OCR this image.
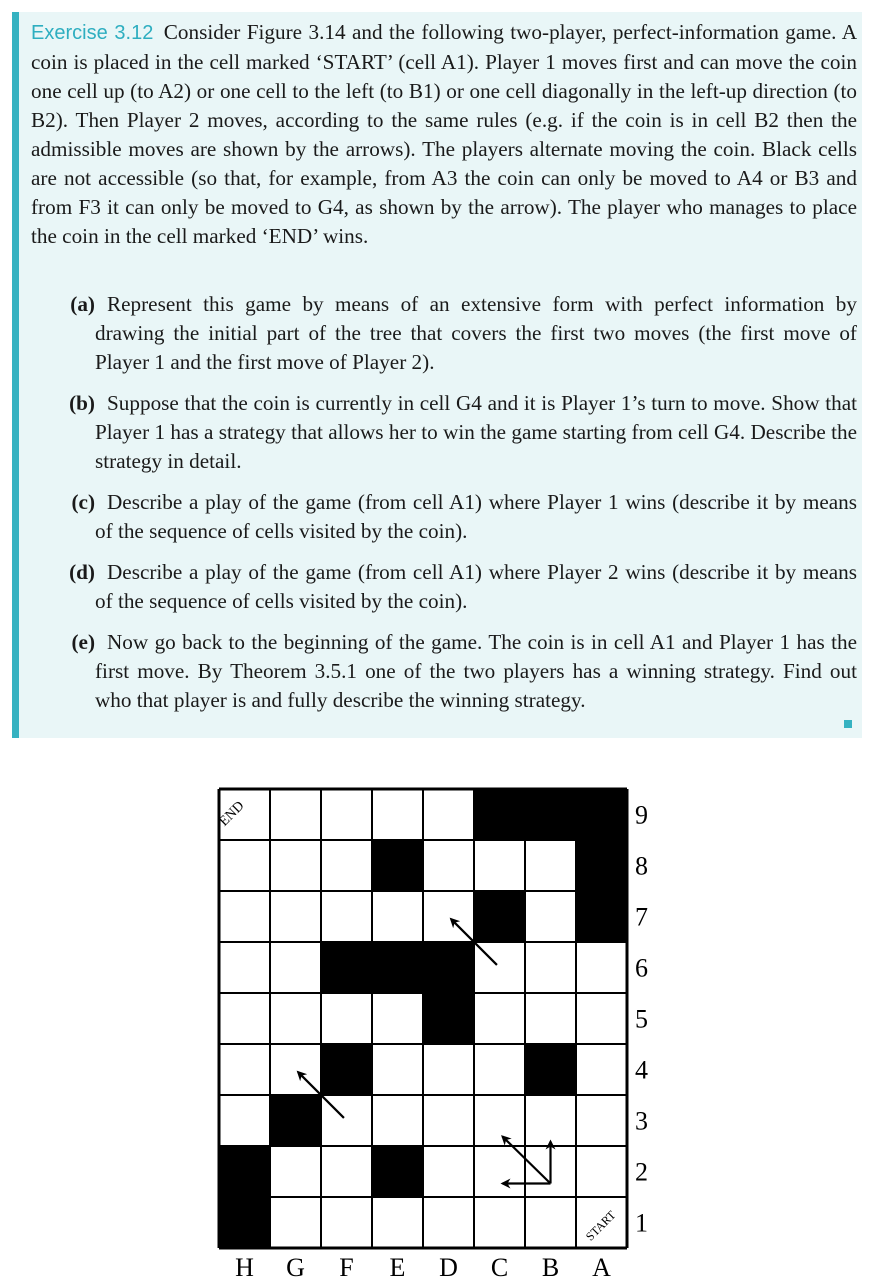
Exercise 3.12 Consider Figure 3.14 and the following two-player, perfect-information game. A coin is placed in the cell marked ‘START’ (cell A1). Player 1 moves first and can move the coin one cell up (to A2) or one cell to the left (to B1) or one cell diagonally in the left-up direction (to B2). Then Player 2 moves, according to the same rules (e.g. if the coin is in cell B2 then the admissible moves are shown by the arrows). The players alternate moving the coin. Black cells are not accessible (so that, for example, from A3 the coin can only be moved to A4 or B3 and from F3 it can only be moved to G4, as shown by the arrow). The player who manages to place the coin in the cell marked ‘END’ wins.
(a) Represent this game by means of an extensive form with perfect information by drawing the initial part of the tree that covers the first two moves (the first move of Player 1 and the first move of Player 2).
(b) Suppose that the coin is currently in cell G4 and it is Player 1’s turn to move. Show that Player 1 has a strategy that allows her to win the game starting from cell G4. Describe the strategy in detail.
(c) Describe a play of the game (from cell A1) where Player 1 wins (describe it by means of the sequence of cells visited by the coin).
(d) Describe a play of the game (from cell A1) where Player 2 wins (describe it by means of the sequence of cells visited by the coin).
(e) Now go back to the beginning of the game. The coin is in cell A1 and Player 1 has the first move. By Theorem 3.5.1 one of the two players has a winning strategy. Find out who that player is and fully describe the winning strategy.
H G F E D C B A
9
8
7
6
5
4
3
2
1
END
START
